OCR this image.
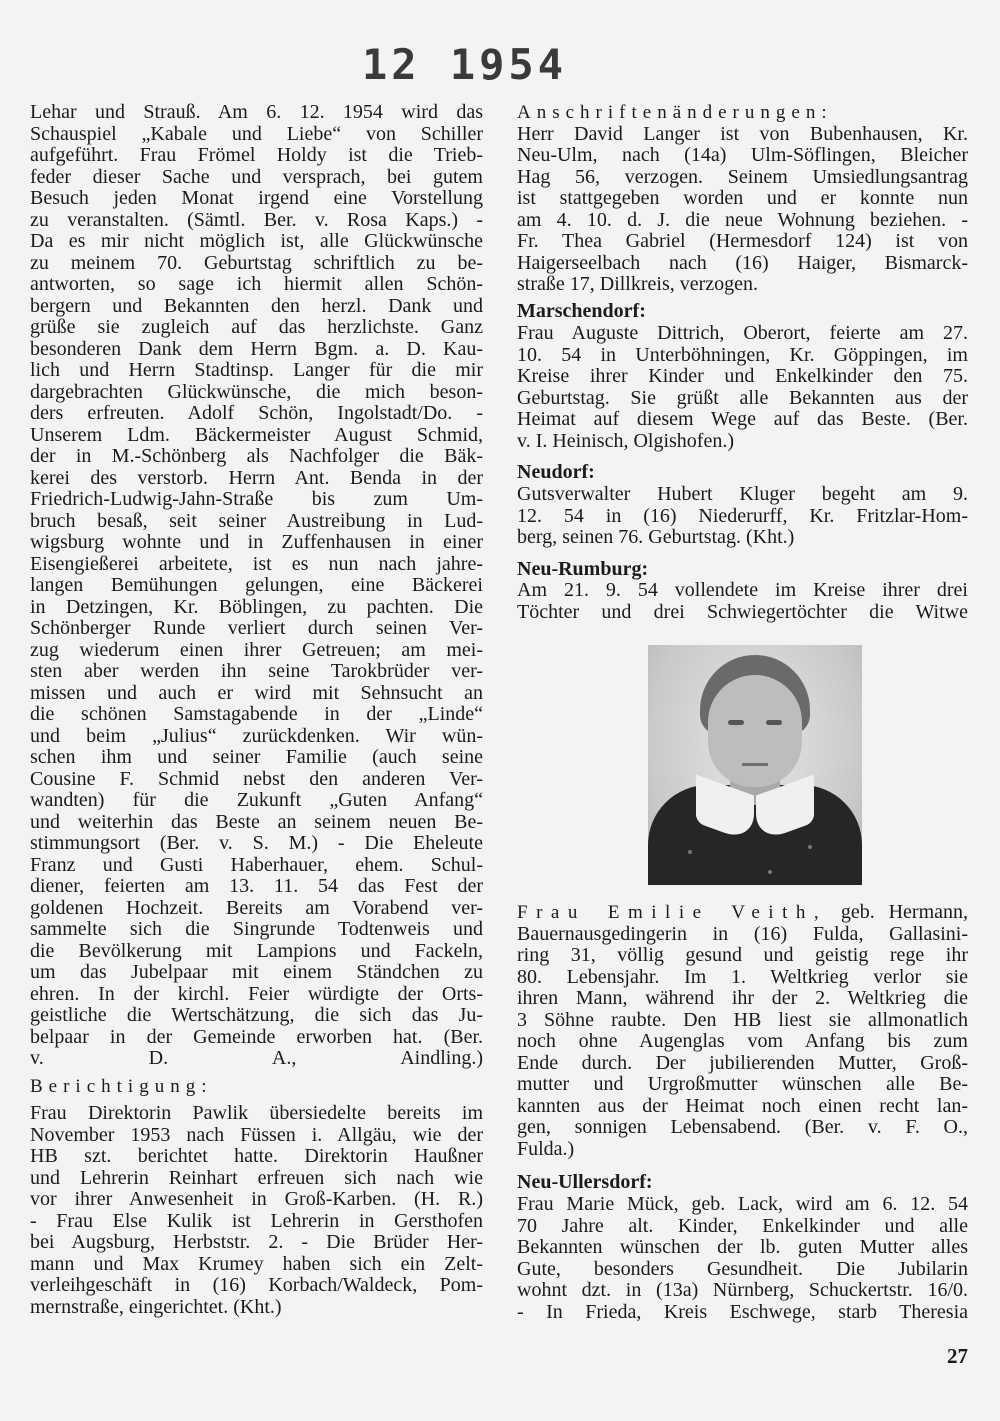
12 1954
Lehar und Strauß. Am 6. 12. 1954 wird das
Schauspiel „Kabale und Liebe“ von Schiller
aufgeführt. Frau Frömel Holdy ist die Trieb-
feder dieser Sache und versprach, bei gutem
Besuch jeden Monat irgend eine Vorstellung
zu veranstalten. (Sämtl. Ber. v. Rosa Kaps.) -
Da es mir nicht möglich ist, alle Glückwünsche
zu meinem 70. Geburtstag schriftlich zu be-
antworten, so sage ich hiermit allen Schön-
bergern und Bekannten den herzl. Dank und
grüße sie zugleich auf das herzlichste. Ganz
besonderen Dank dem Herrn Bgm. a. D. Kau-
lich und Herrn Stadtinsp. Langer für die mir
dargebrachten Glückwünsche, die mich beson-
ders erfreuten. Adolf Schön, Ingolstadt/Do. -
Unserem Ldm. Bäckermeister August Schmid,
der in M.-Schönberg als Nachfolger die Bäk-
kerei des verstorb. Herrn Ant. Benda in der
Friedrich-Ludwig-Jahn-Straße bis zum Um-
bruch besaß, seit seiner Austreibung in Lud-
wigsburg wohnte und in Zuffenhausen in einer
Eisengießerei arbeitete, ist es nun nach jahre-
langen Bemühungen gelungen, eine Bäckerei
in Detzingen, Kr. Böblingen, zu pachten. Die
Schönberger Runde verliert durch seinen Ver-
zug wiederum einen ihrer Getreuen; am mei-
sten aber werden ihn seine Tarokbrüder ver-
missen und auch er wird mit Sehnsucht an
die schönen Samstagabende in der „Linde“
und beim „Julius“ zurückdenken. Wir wün-
schen ihm und seiner Familie (auch seine
Cousine F. Schmid nebst den anderen Ver-
wandten) für die Zukunft „Guten Anfang“
und weiterhin das Beste an seinem neuen Be-
stimmungsort (Ber. v. S. M.) - Die Eheleute
Franz und Gusti Haberhauer, ehem. Schul-
diener, feierten am 13. 11. 54 das Fest der
goldenen Hochzeit. Bereits am Vorabend ver-
sammelte sich die Singrunde Todtenweis und
die Bevölkerung mit Lampions und Fackeln,
um das Jubelpaar mit einem Ständchen zu
ehren. In der kirchl. Feier würdigte der Orts-
geistliche die Wertschätzung, die sich das Ju-
belpaar in der Gemeinde erworben hat. (Ber.
v. D. A., Aindling.)
Berichtigung:
Frau Direktorin Pawlik übersiedelte bereits im
November 1953 nach Füssen i. Allgäu, wie der
HB szt. berichtet hatte. Direktorin Haußner
und Lehrerin Reinhart erfreuen sich nach wie
vor ihrer Anwesenheit in Groß-Karben. (H. R.)
- Frau Else Kulik ist Lehrerin in Gersthofen
bei Augsburg, Herbststr. 2. - Die Brüder Her-
mann und Max Krumey haben sich ein Zelt-
verleihgeschäft in (16) Korbach/Waldeck, Pom-
mernstraße, eingerichtet. (Kht.)
Anschriftenänderungen:
Herr David Langer ist von Bubenhausen, Kr.
Neu-Ulm, nach (14a) Ulm-Söflingen, Bleicher
Hag 56, verzogen. Seinem Umsiedlungsantrag
ist stattgegeben worden und er konnte nun
am 4. 10. d. J. die neue Wohnung beziehen. -
Fr. Thea Gabriel (Hermesdorf 124) ist von
Haigerseelbach nach (16) Haiger, Bismarck-
straße 17, Dillkreis, verzogen.
Marschendorf:
Frau Auguste Dittrich, Oberort, feierte am 27.
10. 54 in Unterböhningen, Kr. Göppingen, im
Kreise ihrer Kinder und Enkelkinder den 75.
Geburtstag. Sie grüßt alle Bekannten aus der
Heimat auf diesem Wege auf das Beste. (Ber.
v. I. Heinisch, Olgishofen.)
Neudorf:
Gutsverwalter Hubert Kluger begeht am 9.
12. 54 in (16) Niederurff, Kr. Fritzlar-Hom-
berg, seinen 76. Geburtstag. (Kht.)
Neu-Rumburg:
Am 21. 9. 54 vollendete im Kreise ihrer drei
Töchter und drei Schwiegertöchter die Witwe
Frau Emilie Veith, geb. Hermann,
Bauernausgedingerin in (16) Fulda, Gallasini-
ring 31, völlig gesund und geistig rege ihr
80. Lebensjahr. Im 1. Weltkrieg verlor sie
ihren Mann, während ihr der 2. Weltkrieg die
3 Söhne raubte. Den HB liest sie allmonatlich
noch ohne Augenglas vom Anfang bis zum
Ende durch. Der jubilierenden Mutter, Groß-
mutter und Urgroßmutter wünschen alle Be-
kannten aus der Heimat noch einen recht lan-
gen, sonnigen Lebensabend. (Ber. v. F. O.,
Fulda.)
Neu-Ullersdorf:
Frau Marie Mück, geb. Lack, wird am 6. 12. 54
70 Jahre alt. Kinder, Enkelkinder und alle
Bekannten wünschen der lb. guten Mutter alles
Gute, besonders Gesundheit. Die Jubilarin
wohnt dzt. in (13a) Nürnberg, Schuckertstr. 16/0.
- In Frieda, Kreis Eschwege, starb Theresia
27
